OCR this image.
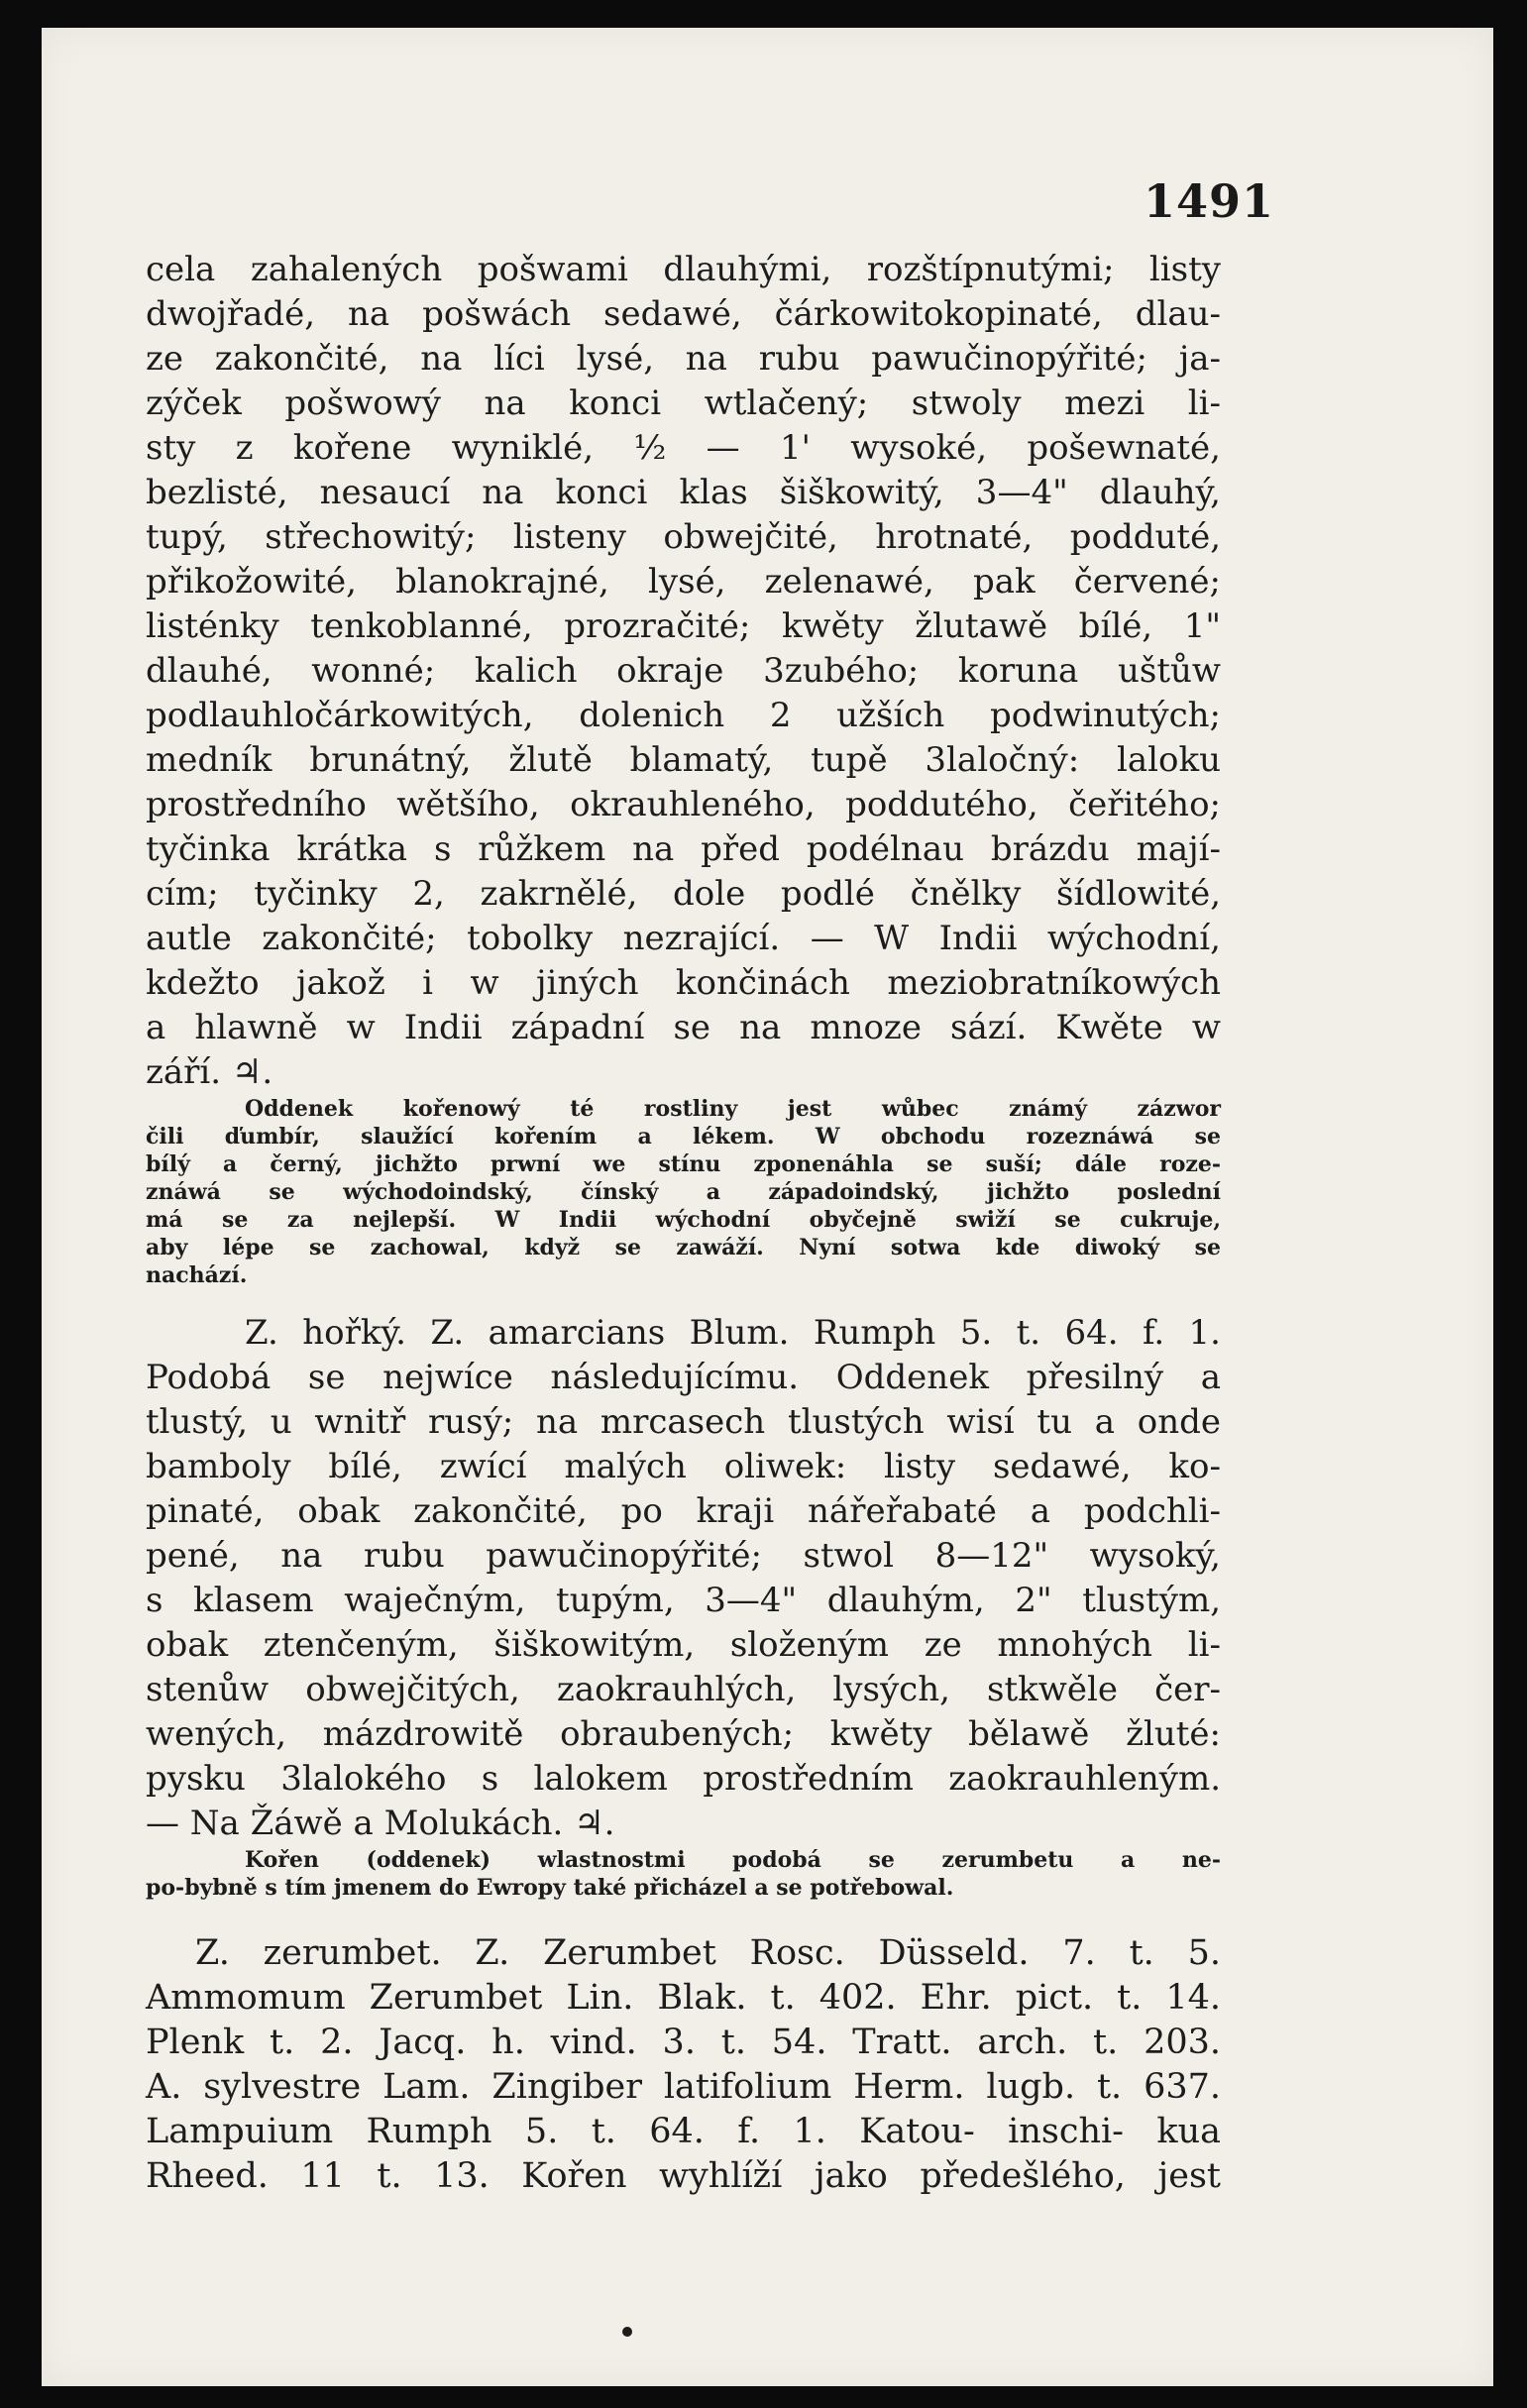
1491
cela zahalených pošwami dlauhými, rozštípnutými; listy
dwojřadé, na pošwách sedawé, čárkowitokopinaté, dlau-
ze zakončité, na líci lysé, na rubu pawučinopýřité; ja-
zýček pošwowý na konci wtlačený; stwoly mezi li-
sty z kořene wyniklé, ½ — 1' wysoké, pošewnaté,
bezlisté, nesaucí na konci klas šiškowitý, 3—4" dlauhý,
tupý, střechowitý; listeny obwejčité, hrotnaté, podduté,
přikožowité, blanokrajné, lysé, zelenawé, pak červené;
listénky tenkoblanné, prozračité; kwěty žlutawě bílé, 1"
dlauhé, wonné; kalich okraje 3zubého; koruna uštůw
podlauhločárkowitých, dolenich 2 užších podwinutých;
medník brunátný, žlutě blamatý, tupě 3laločný: laloku
prostředního wětšího, okrauhleného, poddutého, čeřitého;
tyčinka krátka s růžkem na před podélnau brázdu mají-
cím; tyčinky 2, zakrnělé, dole podlé čnělky šídlowité,
autle zakončité; tobolky nezrající. — W Indii wýchodní,
kdežto jakož i w jiných končinách meziobratníkowých
a hlawně w Indii západní se na mnoze sází. Kwěte w
září. ♃.
Oddenek kořenowý té rostliny jest wůbec známý zázwor
čili ďumbír, slaužící kořením a lékem. W obchodu rozeznáwá se
bílý a černý, jichžto prwní we stínu zponenáhla se suší; dále roze-
znáwá se wýchodoindský, čínský a západoindský, jichžto poslední
má se za nejlepší. W Indii wýchodní obyčejně swiží se cukruje,
aby lépe se zachowal, když se zawáží. Nyní sotwa kde diwoký se
nachází.
Z. hořký. Z. amarcians Blum. Rumph 5. t. 64. f. 1.
Podobá se nejwíce následujícímu. Oddenek přesilný a
tlustý, u wnitř rusý; na mrcasech tlustých wisí tu a onde
bamboly bílé, zwící malých oliwek: listy sedawé, ko-
pinaté, obak zakončité, po kraji nářeřabaté a podchli-
pené, na rubu pawučinopýřité; stwol 8—12" wysoký,
s klasem waječným, tupým, 3—4" dlauhým, 2" tlustým,
obak ztenčeným, šiškowitým, složeným ze mnohých li-
stenůw obwejčitých, zaokrauhlých, lysých, stkwěle čer-
wených, mázdrowitě obraubených; kwěty bělawě žluté:
pysku 3lalokého s lalokem prostředním zaokrauhleným.
— Na Žáwě a Molukách. ♃.
Kořen (oddenek) wlastnostmi podobá se zerumbetu a ne-
po-bybně s tím jmenem do Ewropy také přicházel a se potřebowal.
Z. zerumbet. Z. Zerumbet Rosc. Düsseld. 7. t. 5.
Ammomum Zerumbet Lin. Blak. t. 402. Ehr. pict. t. 14.
Plenk t. 2. Jacq. h. vind. 3. t. 54. Tratt. arch. t. 203.
A. sylvestre Lam. Zingiber latifolium Herm. lugb. t. 637.
Lampuium Rumph 5. t. 64. f. 1. Katou- inschi- kua
Rheed. 11 t. 13. Kořen wyhlíží jako předešlého, jest
